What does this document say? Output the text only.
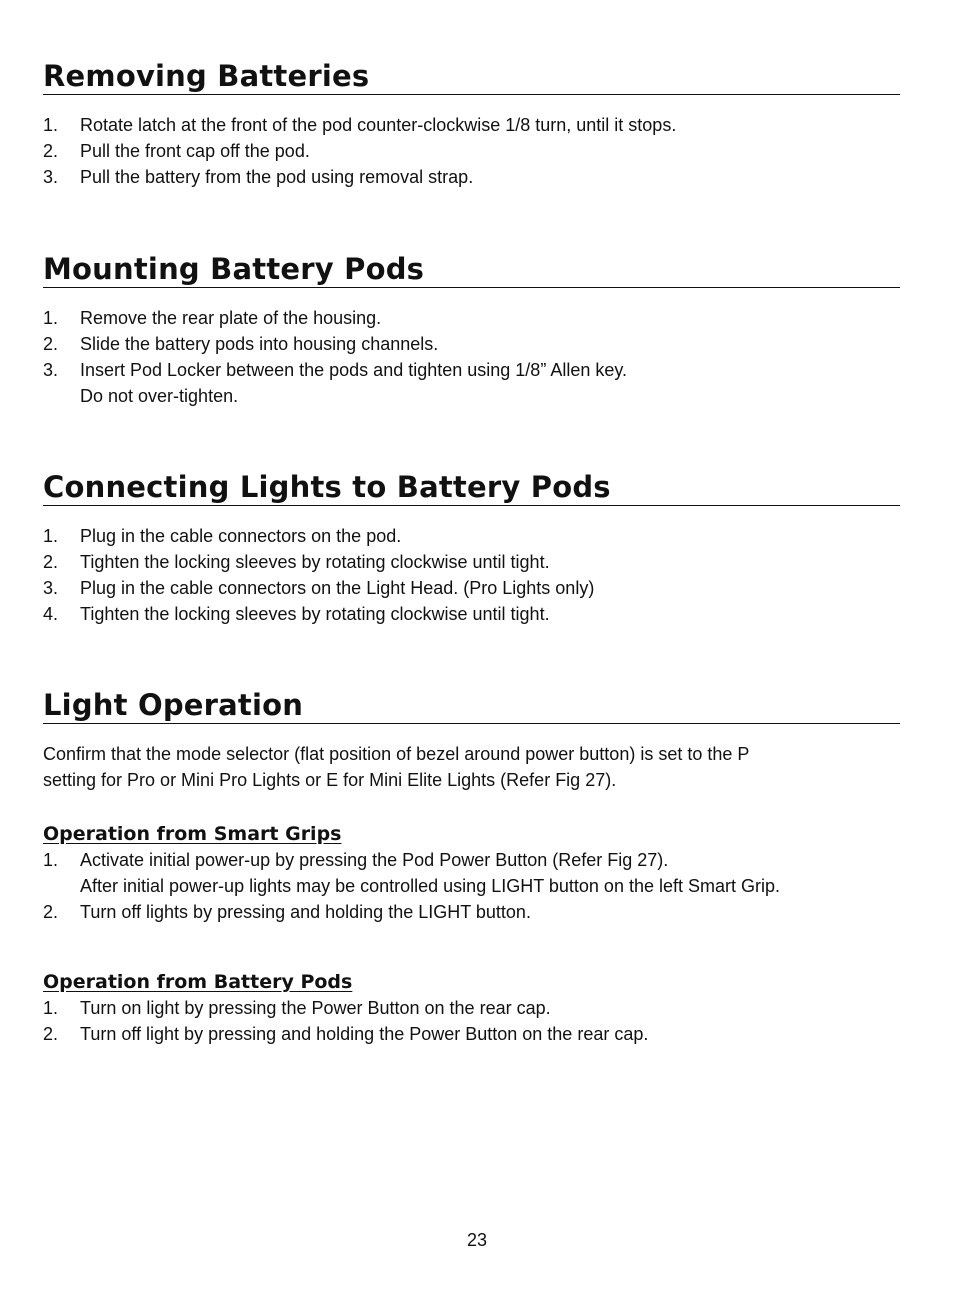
Removing Batteries
1. Rotate latch at the front of the pod counter-clockwise 1/8 turn, until it stops.
2. Pull the front cap off the pod.
3. Pull the battery from the pod using removal strap.
Mounting Battery Pods
1. Remove the rear plate of the housing.
2. Slide the battery pods into housing channels.
3. Insert Pod Locker between the pods and tighten using 1/8” Allen key.
Do not over-tighten.
Connecting Lights to Battery Pods
1. Plug in the cable connectors on the pod.
2. Tighten the locking sleeves by rotating clockwise until tight.
3. Plug in the cable connectors on the Light Head. (Pro Lights only)
4. Tighten the locking sleeves by rotating clockwise until tight.
Light Operation

Confirm that the mode selector (flat position of bezel around power button) is set to the P
setting for Pro or Mini Pro Lights or E for Mini Elite Lights (Refer Fig 27).

Operation from Smart Grips
1. Activate initial power-up by pressing the Pod Power Button (Refer Fig 27).
After initial power-up lights may be controlled using LIGHT button on the left Smart Grip.
2. Turn off lights by pressing and holding the LIGHT button.
Operation from Battery Pods
1. Turn on light by pressing the Power Button on the rear cap.
2. Turn off light by pressing and holding the Power Button on the rear cap.
23
